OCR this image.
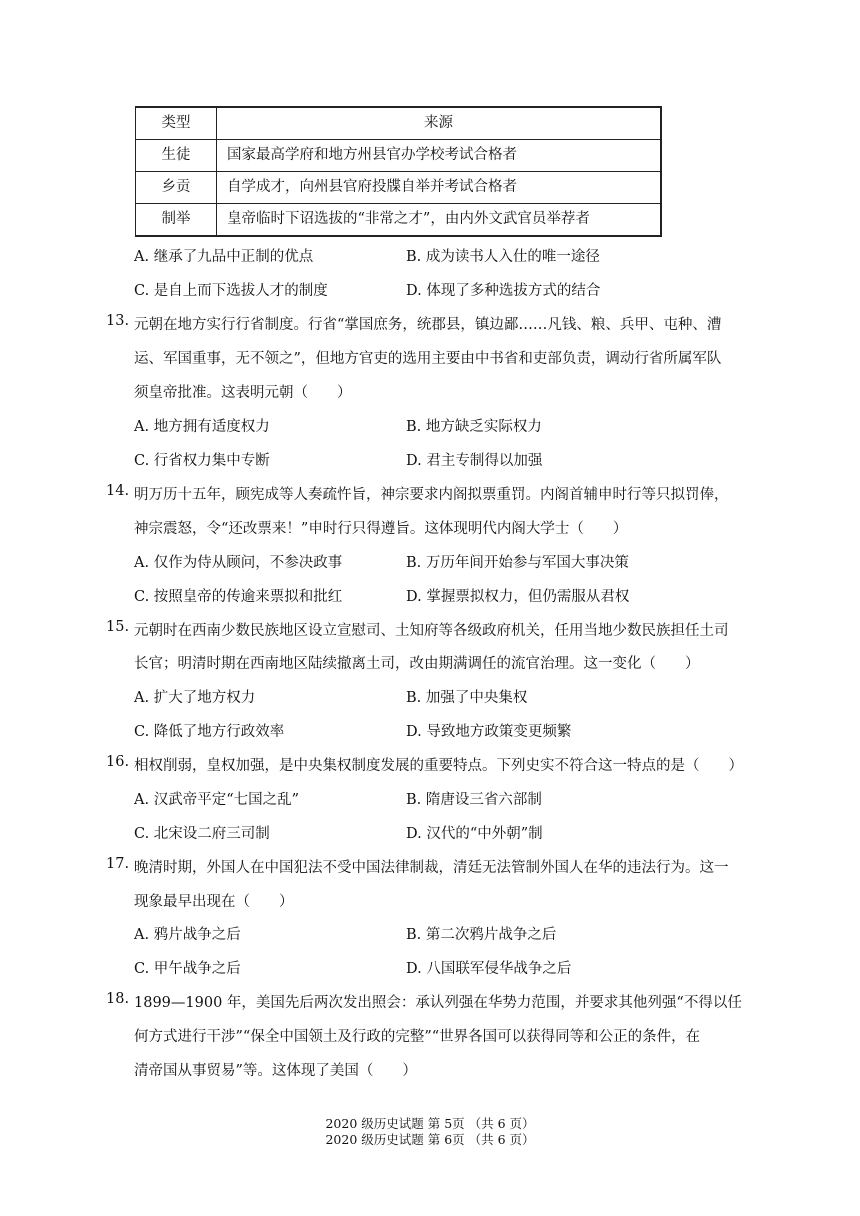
类型	来源
生徒	国家最高学府和地方州县官办学校考试合格者
乡贡	自学成才，向州县官府投牒自举并考试合格者
制举	皇帝临时下诏选拔的“非常之才”，由内外文武官员举荐者
A. 继承了九品中正制的优点	B. 成为读书人入仕的唯一途径
C. 是自上而下选拔人才的制度	D. 体现了多种选拔方式的结合
13. 元朝在地方实行行省制度。行省“掌国庶务，统郡县，镇边鄙……凡钱、粮、兵甲、屯种、漕
运、军国重事，无不领之”，但地方官吏的选用主要由中书省和吏部负责，调动行省所属军队
须皇帝批准。这表明元朝（　　）
A. 地方拥有适度权力	B. 地方缺乏实际权力
C. 行省权力集中专断	D. 君主专制得以加强
14. 明万历十五年，顾宪成等人奏疏忤旨，神宗要求内阁拟票重罚。内阁首辅申时行等只拟罚俸，
神宗震怒，令“还改票来！”申时行只得遵旨。这体现明代内阁大学士（　　）
A. 仅作为侍从顾问，不参决政事	B. 万历年间开始参与军国大事决策
C. 按照皇帝的传逾来票拟和批红	D. 掌握票拟权力，但仍需服从君权
15. 元朝时在西南少数民族地区设立宣慰司、土知府等各级政府机关，任用当地少数民族担任土司
长官；明清时期在西南地区陆续撤离土司，改由期满调任的流官治理。这一变化（　　）
A. 扩大了地方权力	B. 加强了中央集权
C. 降低了地方行政效率	D. 导致地方政策变更频繁
16. 相权削弱，皇权加强，是中央集权制度发展的重要特点。下列史实不符合这一特点的是（　　）
A. 汉武帝平定“七国之乱”	B. 隋唐设三省六部制
C. 北宋设二府三司制	D. 汉代的“中外朝”制
17. 晚清时期，外国人在中国犯法不受中国法律制裁，清廷无法管制外国人在华的违法行为。这一
现象最早出现在（　　）
A. 鸦片战争之后	B. 第二次鸦片战争之后
C. 甲午战争之后	D. 八国联军侵华战争之后
18. 1899—1900 年，美国先后两次发出照会：承认列强在华势力范围，并要求其他列强“不得以任
何方式进行干涉”“保全中国领土及行政的完整”“世界各国可以获得同等和公正的条件，在
清帝国从事贸易”等。这体现了美国（　　）
2020 级历史试题 第 5页 （共 6 页）
2020 级历史试题 第 6页 （共 6 页）
